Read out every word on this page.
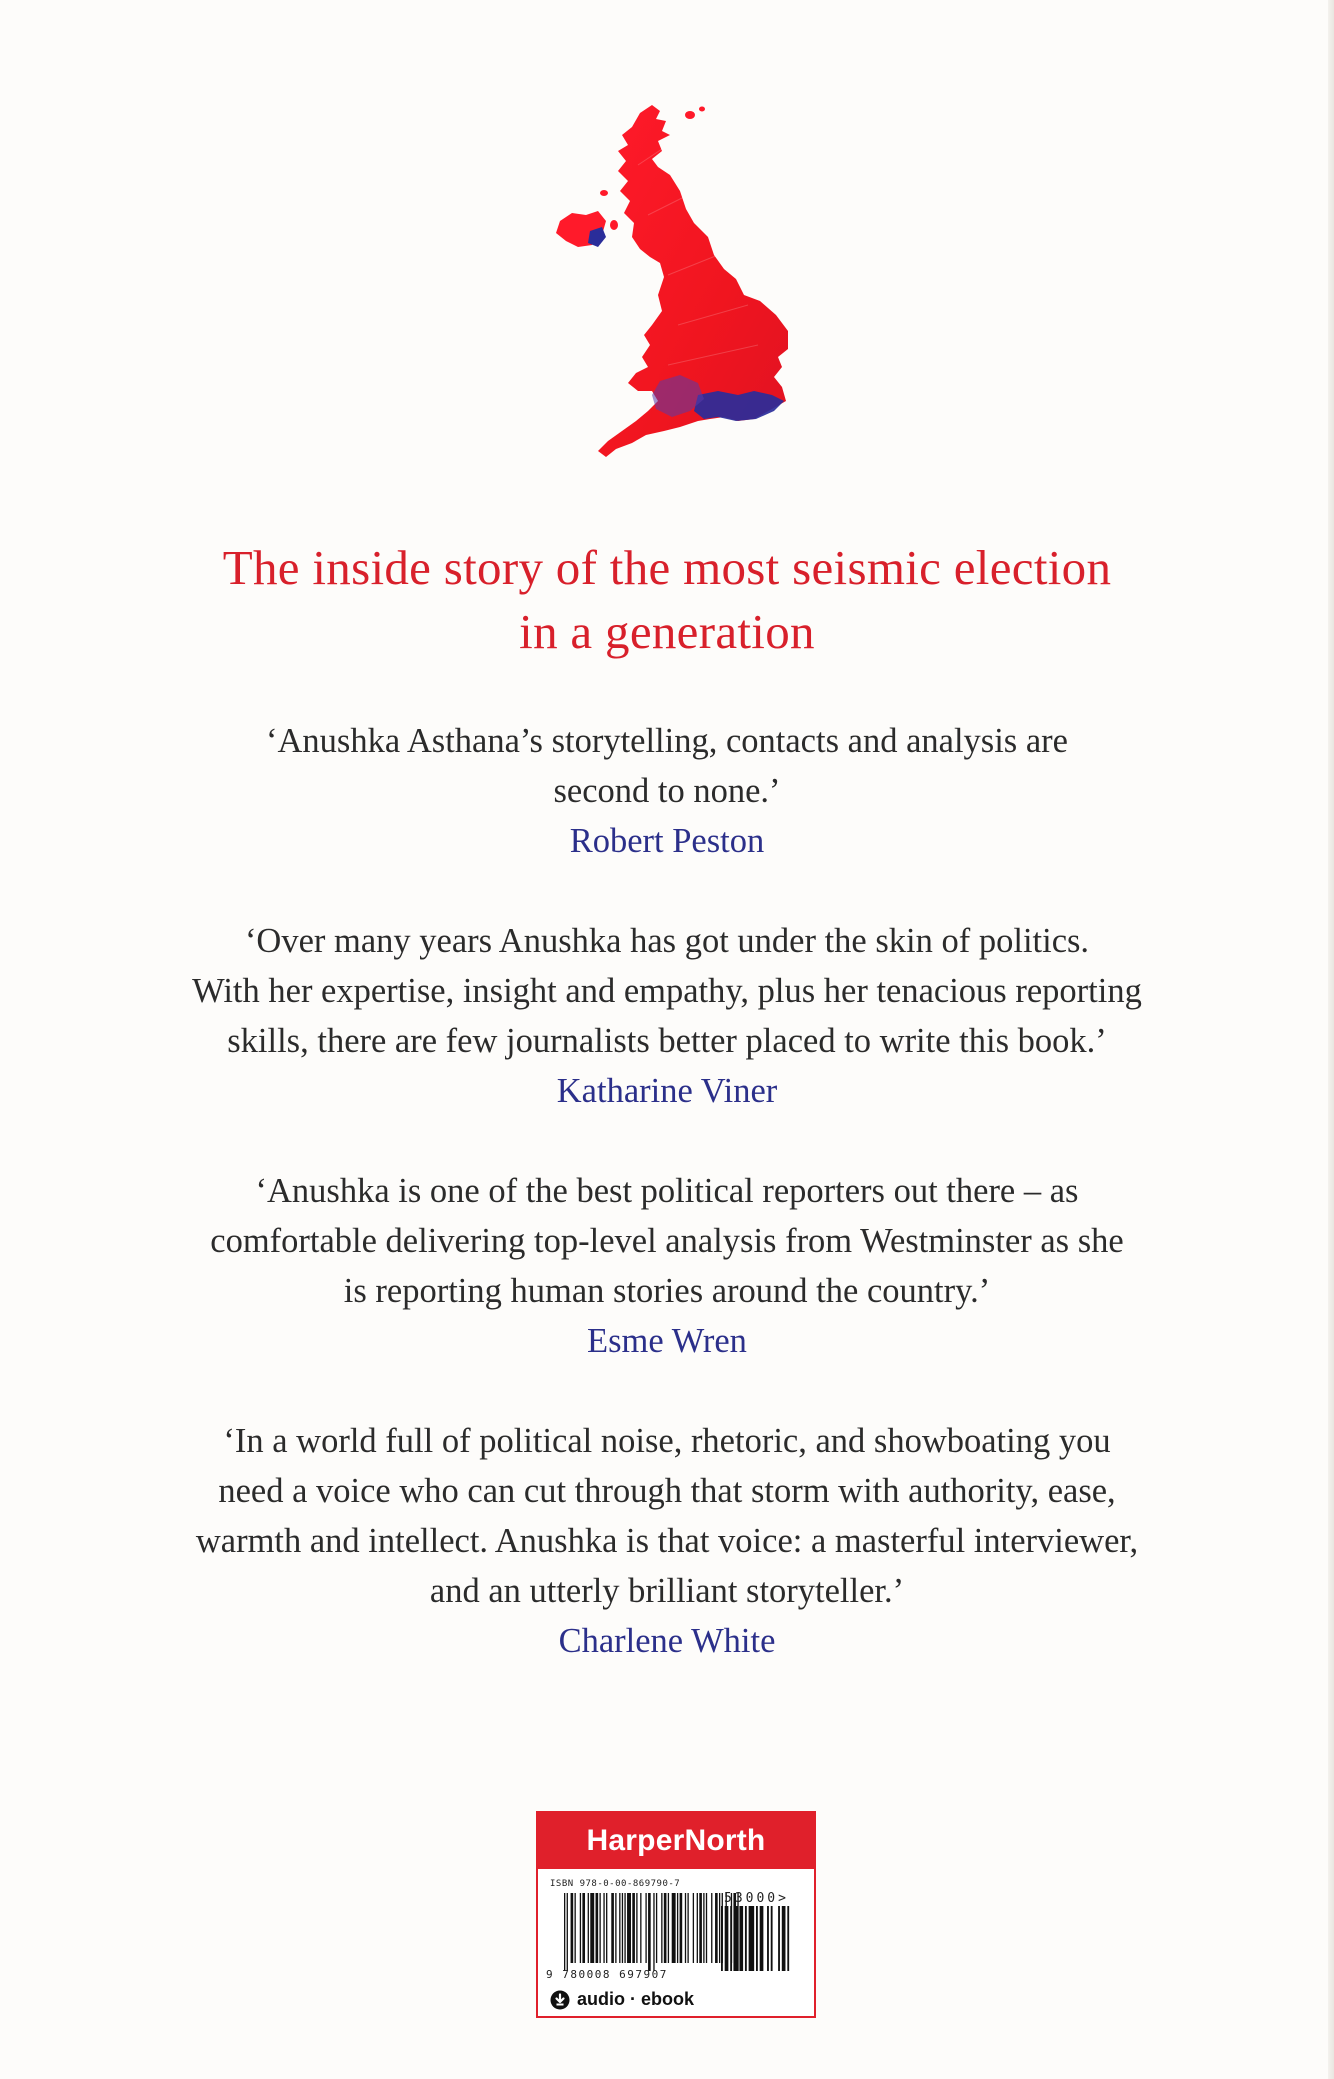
The inside story of the most seismic election
in a generation
‘Anushka Asthana’s storytelling, contacts and analysis are
second to none.’
Robert Peston
‘Over many years Anushka has got under the skin of politics.
With her expertise, insight and empathy, plus her tenacious reporting
skills, there are few journalists better placed to write this book.’
Katharine Viner
‘Anushka is one of the best political reporters out there – as
comfortable delivering top-level analysis from Westminster as she
is reporting human stories around the country.’
Esme Wren
‘In a world full of political noise, rhetoric, and showboating you
need a voice who can cut through that storm with authority, ease,
warmth and intellect. Anushka is that voice: a masterful interviewer,
and an utterly brilliant storyteller.’
Charlene White
HarperNorth
ISBN 978-0-00-869790-7
53000>
9 780008 697907
audio · ebook
